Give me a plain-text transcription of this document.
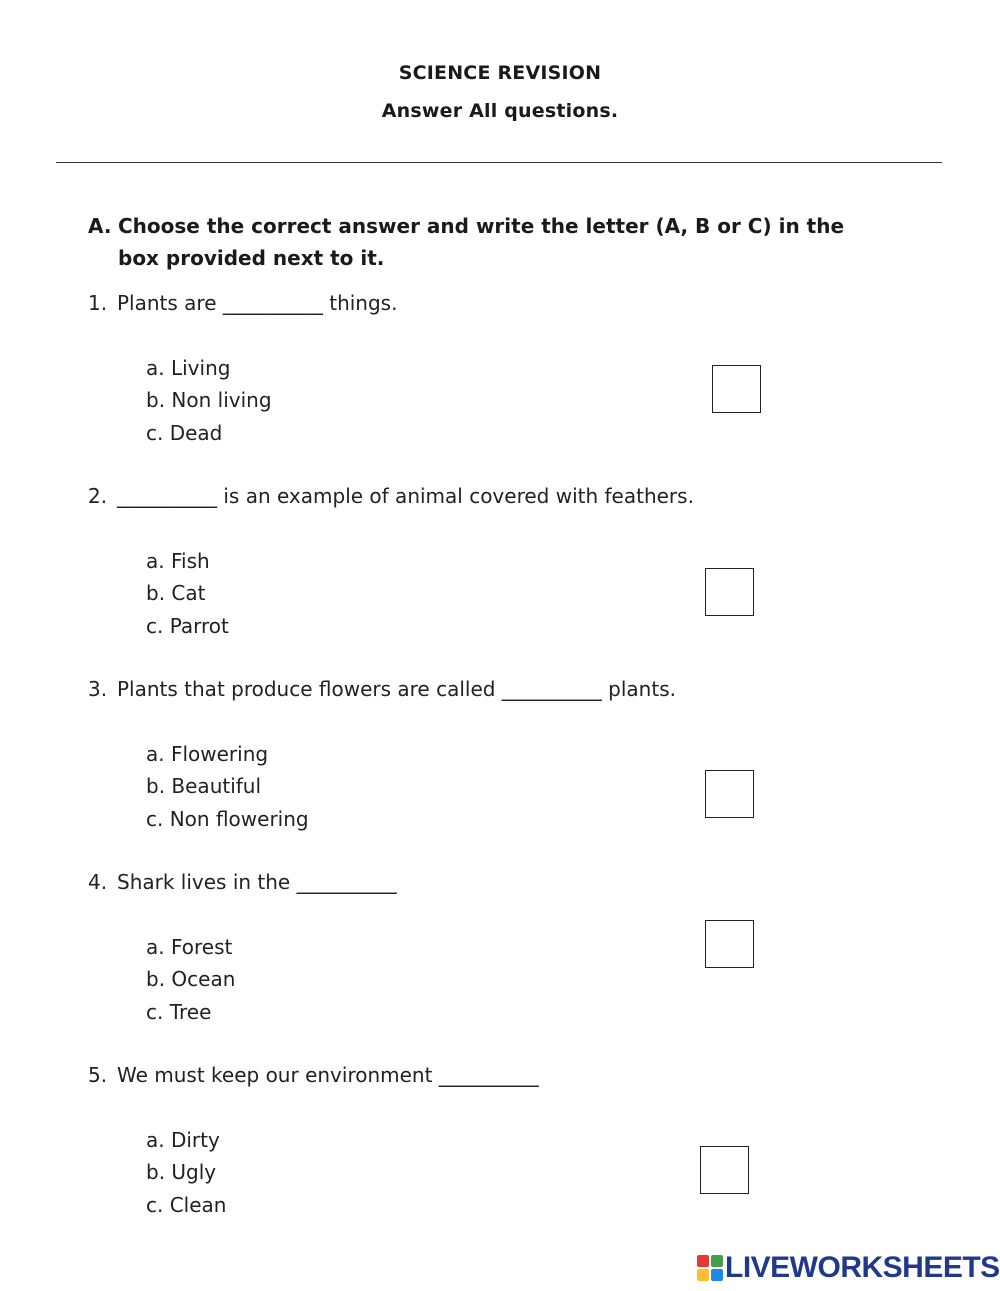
SCIENCE REVISION
Answer All questions.
A. Choose the correct answer and write the letter (A, B or C) in the box provided next to it.
1. Plants are __________ things.
a. Living
b. Non living
c. Dead
2. __________ is an example of animal covered with feathers.
a. Fish
b. Cat
c. Parrot
3. Plants that produce flowers are called __________ plants.
a. Flowering
b. Beautiful
c. Non flowering
4. Shark lives in the __________
a. Forest
b. Ocean
c. Tree
5. We must keep our environment __________
a. Dirty
b. Ugly
c. Clean
LIVEWORKSHEETS
